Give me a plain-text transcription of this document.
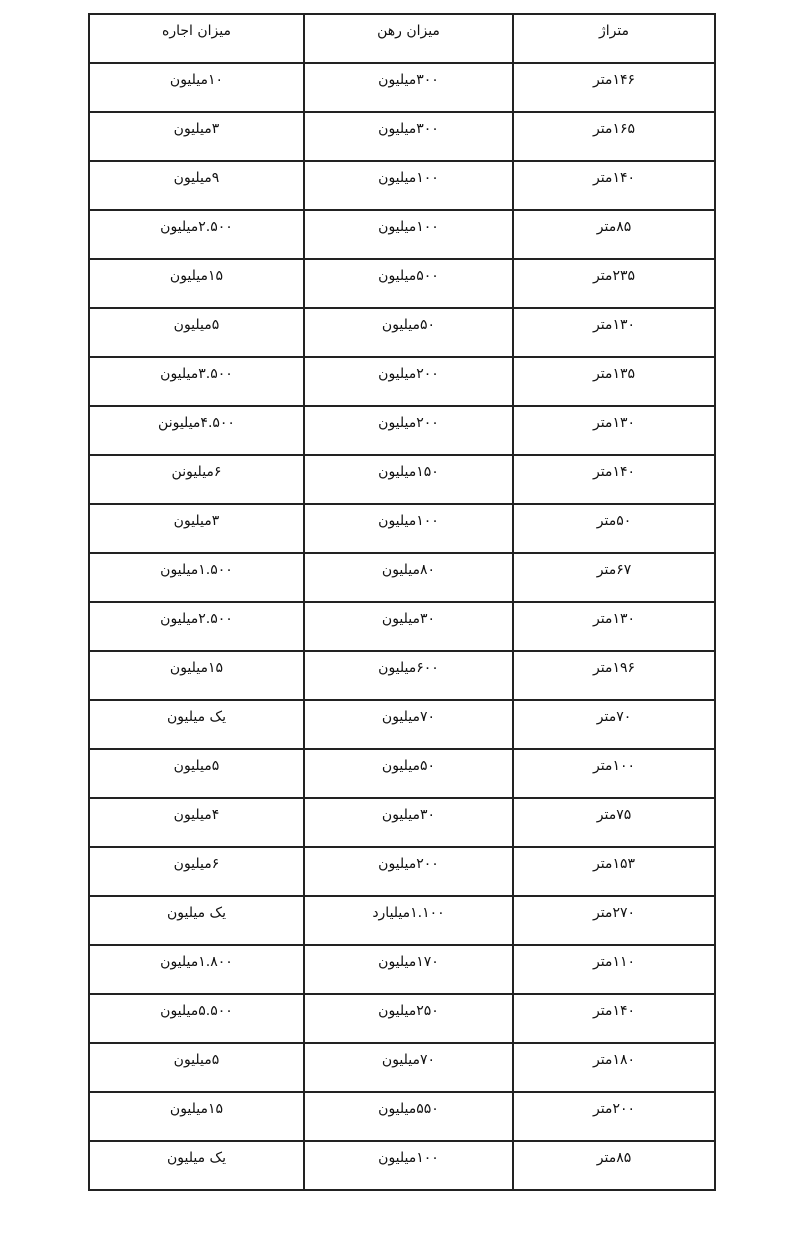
متراژ	میزان رهن	میزان اجاره
۱۴۶متر	۳۰۰میلیون	۱۰میلیون
۱۶۵متر	۳۰۰میلیون	۳میلیون
۱۴۰متر	۱۰۰میلیون	۹میلیون
۸۵متر	۱۰۰میلیون	۲.۵۰۰میلیون
۲۳۵متر	۵۰۰میلیون	۱۵میلیون
۱۳۰متر	۵۰میلیون	۵میلیون
۱۳۵متر	۲۰۰میلیون	۳.۵۰۰میلیون
۱۳۰متر	۲۰۰میلیون	۴.۵۰۰میلیونن
۱۴۰متر	۱۵۰میلیون	۶میلیونن
۵۰متر	۱۰۰میلیون	۳میلیون
۶۷متر	۸۰میلیون	۱.۵۰۰میلیون
۱۳۰متر	۳۰میلیون	۲.۵۰۰میلیون
۱۹۶متر	۶۰۰میلیون	۱۵میلیون
۷۰متر	۷۰میلیون	یک میلیون
۱۰۰متر	۵۰میلیون	۵میلیون
۷۵متر	۳۰میلیون	۴میلیون
۱۵۳متر	۲۰۰میلیون	۶میلیون
۲۷۰متر	۱.۱۰۰میلیارد	یک میلیون
۱۱۰متر	۱۷۰میلیون	۱.۸۰۰میلیون
۱۴۰متر	۲۵۰میلیون	۵.۵۰۰میلیون
۱۸۰متر	۷۰میلیون	۵میلیون
۲۰۰متر	۵۵۰میلیون	۱۵میلیون
۸۵متر	۱۰۰میلیون	یک میلیون
